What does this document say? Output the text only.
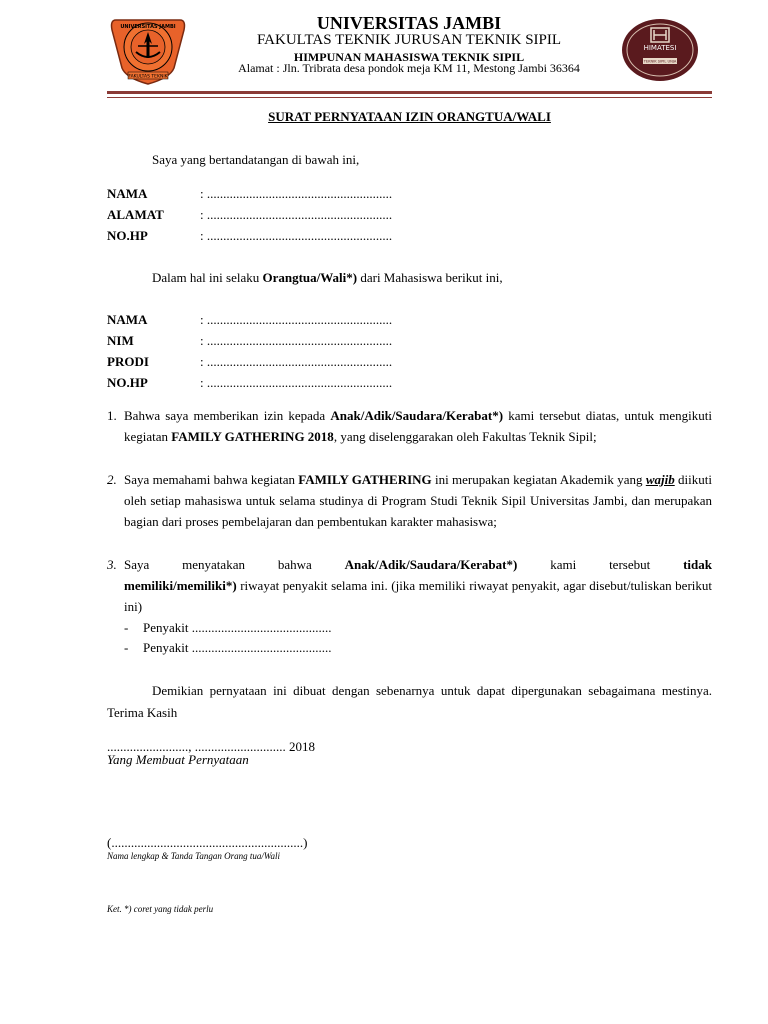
UNIVERSITAS JAMBI
FAKULTAS TEKNIK
HIMATESI
TEKNIK SIPIL UNJA
UNIVERSITAS JAMBI
FAKULTAS TEKNIK JURUSAN TEKNIK SIPIL
HIMPUNAN MAHASISWA TEKNIK SIPIL
Alamat : Jln. Tribrata desa pondok meja KM 11, Mestong Jambi 36364
SURAT PERNYATAAN IZIN ORANGTUA/WALI
Saya yang bertandatangan di bawah ini,
NAMA	: .........................................................
ALAMAT	: .........................................................
NO.HP	: .........................................................
Dalam hal ini selaku Orangtua/Wali*) dari Mahasiswa berikut ini,
NAMA	: .........................................................
NIM	: .........................................................
PRODI	: .........................................................
NO.HP	: .........................................................
1. Bahwa saya memberikan izin kepada Anak/Adik/Saudara/Kerabat*) kami tersebut diatas, untuk mengikuti kegiatan FAMILY GATHERING 2018, yang diselenggarakan oleh Fakultas Teknik Sipil;
2. Saya memahami bahwa kegiatan FAMILY GATHERING ini merupakan kegiatan Akademik yang wajib diikuti oleh setiap mahasiswa untuk selama studinya di Program Studi Teknik Sipil Universitas Jambi, dan merupakan bagian dari proses pembelajaran dan pembentukan karakter mahasiswa;
3. Saya	menyatakan	bahwa	Anak/Adik/Saudara/Kerabat*)	kami	tersebut	tidak
memiliki/memiliki*) riwayat penyakit selama ini. (jika memiliki riwayat penyakit, agar disebut/tuliskan berikut ini)
- Penyakit ...........................................
- Penyakit ...........................................
Demikian pernyataan ini dibuat dengan sebenarnya untuk dapat dipergunakan sebagaimana mestinya. Terima Kasih
........................., ............................ 2018
Yang Membuat Pernyataan
(...........................................................)
Nama lengkap & Tanda Tangan Orang tua/Wali
Ket. *) coret yang tidak perlu
